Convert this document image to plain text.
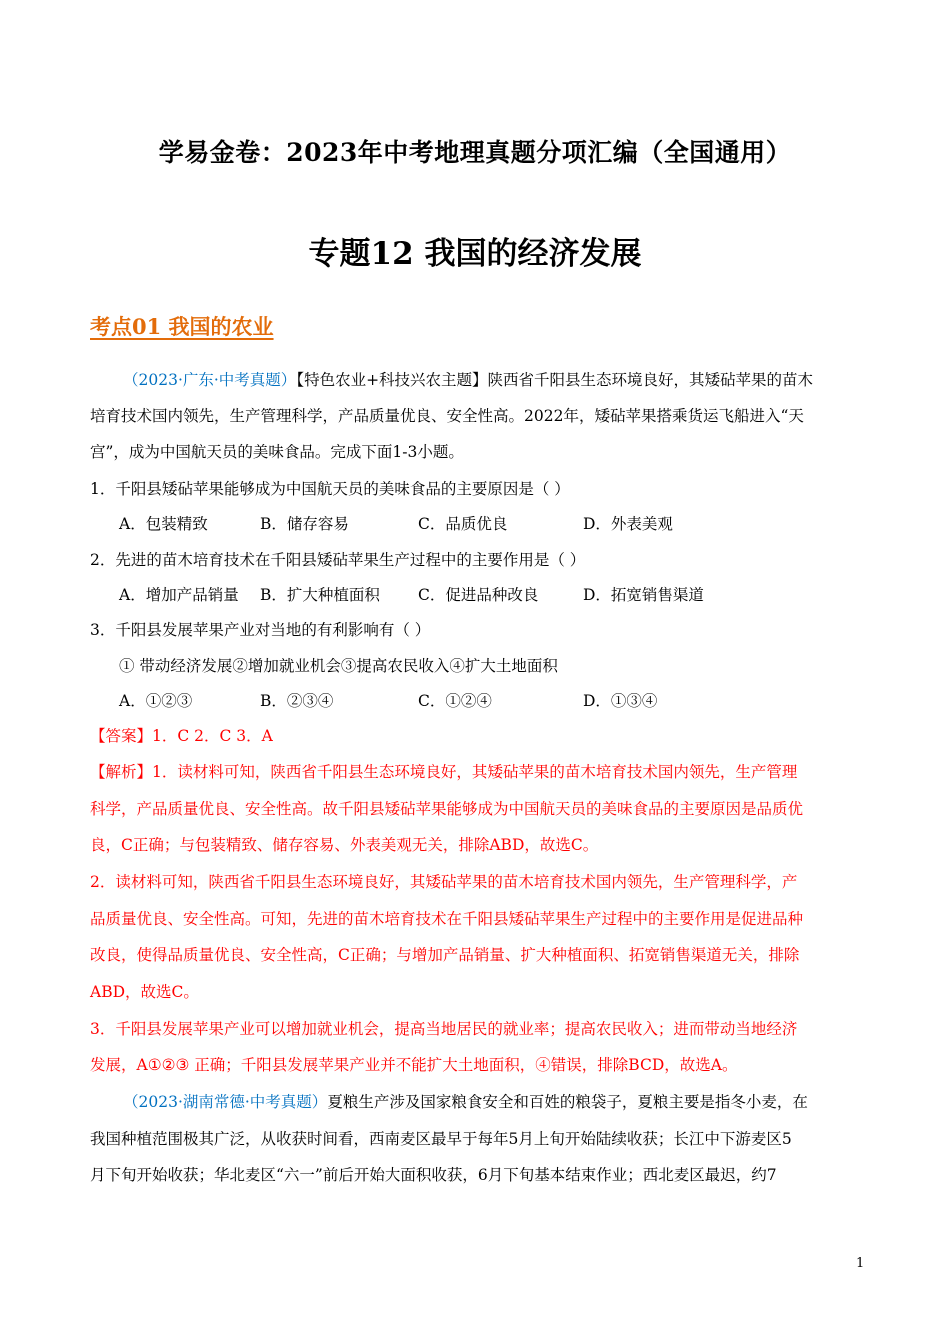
学易金卷：2023年中考地理真题分项汇编（全国通用）
专题12 我国的经济发展
考点01 我国的农业
（2023·广东·中考真题）【特色农业+科技兴农主题】陕西省千阳县生态环境良好，其矮砧苹果的苗木
培育技术国内领先，生产管理科学，产品质量优良、安全性高。2022年，矮砧苹果搭乘货运飞船进入“天
宫”，成为中国航天员的美味食品。完成下面1-3小题。
1．千阳县矮砧苹果能够成为中国航天员的美味食品的主要原因是（ ）
A．包装精致	B．储存容易	C．品质优良	D．外表美观
2．先进的苗木培育技术在千阳县矮砧苹果生产过程中的主要作用是（ ）
A．增加产品销量 B．扩大种植面积 C．促进品种改良	D．拓宽销售渠道
3．千阳县发展苹果产业对当地的有利影响有（ ）
① 带动经济发展②增加就业机会③提高农民收入④扩大土地面积
A．①②③	B．②③④	C．①②④	D．①③④
【答案】1．C 2．C 3．A
【解析】1．读材料可知，陕西省千阳县生态环境良好，其矮砧苹果的苗木培育技术国内领先，生产管理
科学，产品质量优良、安全性高。故千阳县矮砧苹果能够成为中国航天员的美味食品的主要原因是品质优
良，C正确；与包装精致、储存容易、外表美观无关，排除ABD，故选C。
2．读材料可知，陕西省千阳县生态环境良好，其矮砧苹果的苗木培育技术国内领先，生产管理科学，产
品质量优良、安全性高。可知，先进的苗木培育技术在千阳县矮砧苹果生产过程中的主要作用是促进品种
改良，使得品质量优良、安全性高，C正确；与增加产品销量、扩大种植面积、拓宽销售渠道无关，排除
ABD，故选C。
3．千阳县发展苹果产业可以增加就业机会，提高当地居民的就业率；提高农民收入；进而带动当地经济
发展，A①②③ 正确；千阳县发展苹果产业并不能扩大土地面积，④错误，排除BCD，故选A。
（2023·湖南常德·中考真题）夏粮生产涉及国家粮食安全和百姓的粮袋子，夏粮主要是指冬小麦，在
我国种植范围极其广泛，从收获时间看，西南麦区最早于每年5月上旬开始陆续收获；长江中下游麦区5
月下旬开始收获；华北麦区“六一”前后开始大面积收获，6月下旬基本结束作业；西北麦区最迟，约7
1
